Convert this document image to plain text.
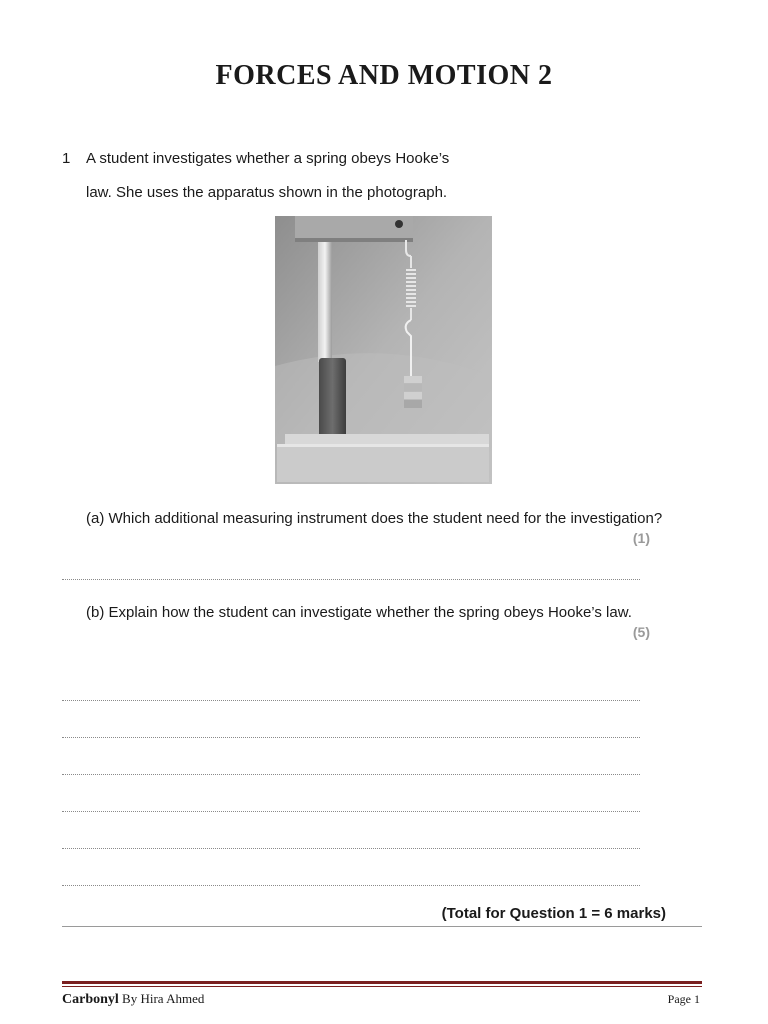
FORCES AND MOTION 2
1 A student investigates whether a spring obeys Hooke’s
law. She uses the apparatus shown in the photograph.
(a) Which additional measuring instrument does the student need for the investigation?
(1)
(b) Explain how the student can investigate whether the spring obeys Hooke’s law.
(5)
(Total for Question 1 = 6 marks)
Carbonyl By Hira Ahmed	Page 1
